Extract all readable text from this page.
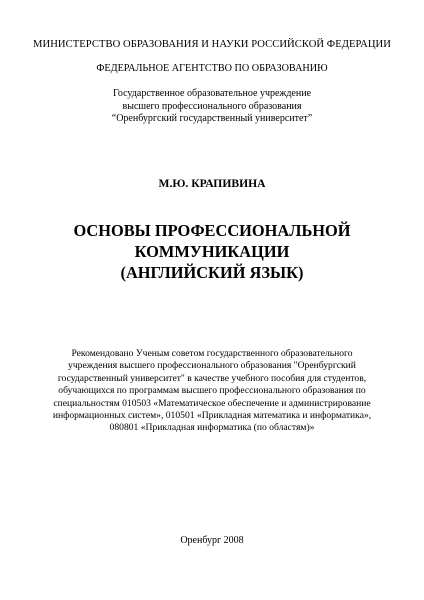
МИНИСТЕРСТВО ОБРАЗОВАНИЯ И НАУКИ РОССИЙСКОЙ ФЕДЕРАЦИИ
ФЕДЕРАЛЬНОЕ АГЕНТСТВО ПО ОБРАЗОВАНИЮ
Государственное образовательное учреждение
высшего профессионального образования
“Оренбургский государственный университет”
М.Ю. КРАПИВИНА
ОСНОВЫ ПРОФЕССИОНАЛЬНОЙ
КОММУНИКАЦИИ
(АНГЛИЙСКИЙ ЯЗЫК)
Рекомендовано Ученым советом государственного образовательного
учреждения высшего профессионального образования "Оренбургский
государственный университет" в качестве учебного пособия для студентов,
обучающихся по программам высшего профессионального образования по
специальностям 010503 «Математическое обеспечение и администрирование
информационных систем», 010501 «Прикладная математика и информатика»,
080801 «Прикладная информатика (по областям)»
Оренбург 2008
